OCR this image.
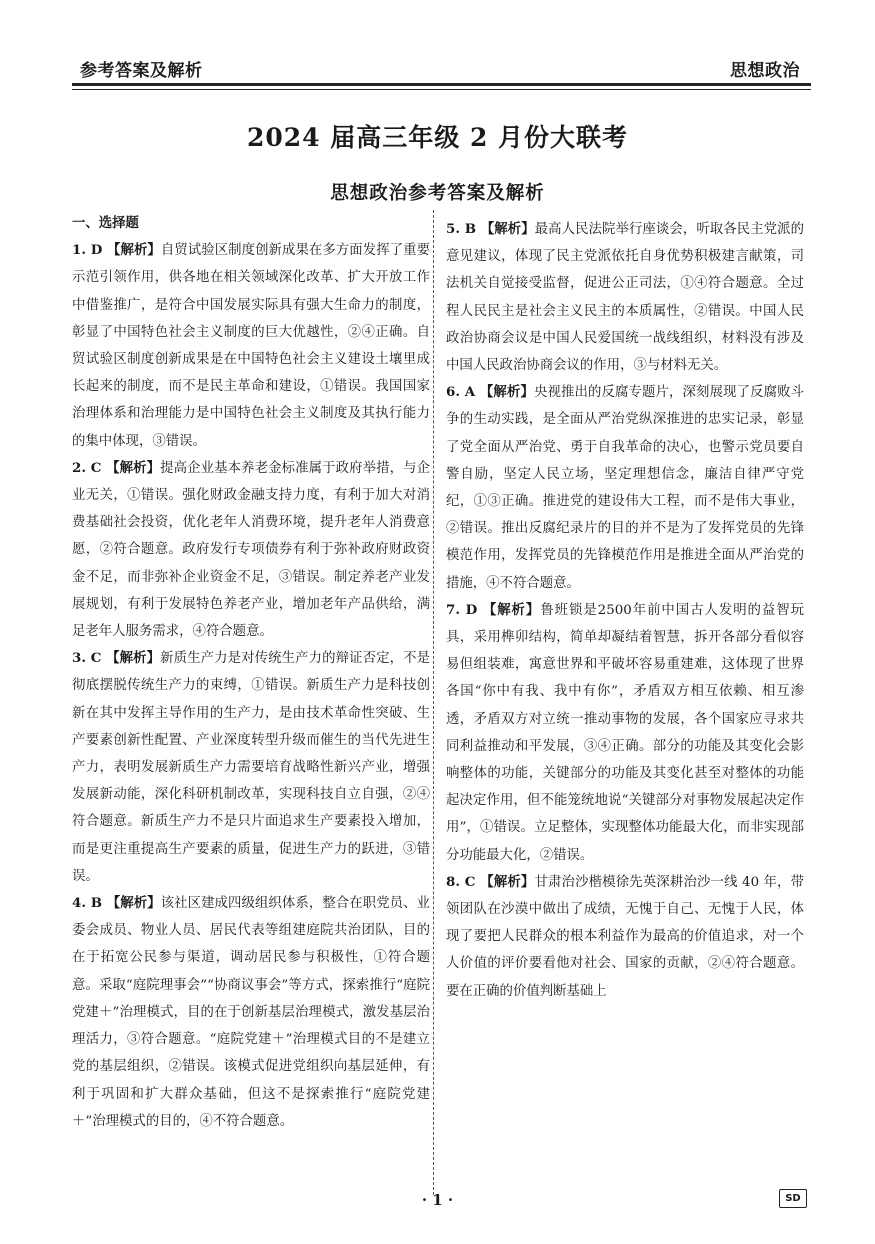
参考答案及解析	思想政治
2024 届高三年级 2 月份大联考
思想政治参考答案及解析
一、选择题

1. D 【解析】自贸试验区制度创新成果在多方面发挥了重要示范引领作用，供各地在相关领域深化改革、扩大开放工作中借鉴推广，是符合中国发展实际具有强大生命力的制度，彰显了中国特色社会主义制度的巨大优越性，②④正确。自贸试验区制度创新成果是在中国特色社会主义建设土壤里成长起来的制度，而不是民主革命和建设，①错误。我国国家治理体系和治理能力是中国特色社会主义制度及其执行能力的集中体现，③错误。

2. C 【解析】提高企业基本养老金标准属于政府举措，与企业无关，①错误。强化财政金融支持力度，有利于加大对消费基础社会投资，优化老年人消费环境，提升老年人消费意愿，②符合题意。政府发行专项债券有利于弥补政府财政资金不足，而非弥补企业资金不足，③错误。制定养老产业发展规划，有利于发展特色养老产业，增加老年产品供给，满足老年人服务需求，④符合题意。

3. C 【解析】新质生产力是对传统生产力的辩证否定，不是彻底摆脱传统生产力的束缚，①错误。新质生产力是科技创新在其中发挥主导作用的生产力，是由技术革命性突破、生产要素创新性配置、产业深度转型升级而催生的当代先进生产力，表明发展新质生产力需要培育战略性新兴产业，增强发展新动能，深化科研机制改革，实现科技自立自强，②④符合题意。新质生产力不是只片面追求生产要素投入增加，而是更注重提高生产要素的质量，促进生产力的跃进，③错误。

4. B 【解析】该社区建成四级组织体系，整合在职党员、业委会成员、物业人员、居民代表等组建庭院共治团队，目的在于拓宽公民参与渠道，调动居民参与积极性，①符合题意。采取“庭院理事会”“协商议事会”等方式，探索推行“庭院党建＋”治理模式，目的在于创新基层治理模式，激发基层治理活力，③符合题意。“庭院党建＋”治理模式目的不是建立党的基层组织，②错误。该模式促进党组织向基层延伸，有利于巩固和扩大群众基础，但这不是探索推行“庭院党建＋”治理模式的目的，④不符合题意。

5. B 【解析】最高人民法院举行座谈会，听取各民主党派的意见建议，体现了民主党派依托自身优势积极建言献策，司法机关自觉接受监督，促进公正司法，①④符合题意。全过程人民民主是社会主义民主的本质属性，②错误。中国人民政治协商会议是中国人民爱国统一战线组织，材料没有涉及中国人民政治协商会议的作用，③与材料无关。

6. A 【解析】央视推出的反腐专题片，深刻展现了反腐败斗争的生动实践，是全面从严治党纵深推进的忠实记录，彰显了党全面从严治党、勇于自我革命的决心，也警示党员要自警自励，坚定人民立场，坚定理想信念，廉洁自律严守党纪，①③正确。推进党的建设伟大工程，而不是伟大事业，②错误。推出反腐纪录片的目的并不是为了发挥党员的先锋模范作用，发挥党员的先锋模范作用是推进全面从严治党的措施，④不符合题意。

7. D 【解析】鲁班锁是2500年前中国古人发明的益智玩具，采用榫卯结构，简单却凝结着智慧，拆开各部分看似容易但组装难，寓意世界和平破坏容易重建难，这体现了世界各国“你中有我、我中有你”，矛盾双方相互依赖、相互渗透，矛盾双方对立统一推动事物的发展，各个国家应寻求共同利益推动和平发展，③④正确。部分的功能及其变化会影响整体的功能，关键部分的功能及其变化甚至对整体的功能起决定作用，但不能笼统地说“关键部分对事物发展起决定作用”，①错误。立足整体，实现整体功能最大化，而非实现部分功能最大化，②错误。

8. C 【解析】甘肃治沙楷模徐先英深耕治沙一线 40 年，带领团队在沙漠中做出了成绩，无愧于自己、无愧于人民，体现了要把人民群众的根本利益作为最高的价值追求，对一个人价值的评价要看他对社会、国家的贡献，②④符合题意。要在正确的价值判断基础上

· 1 ·	SD
